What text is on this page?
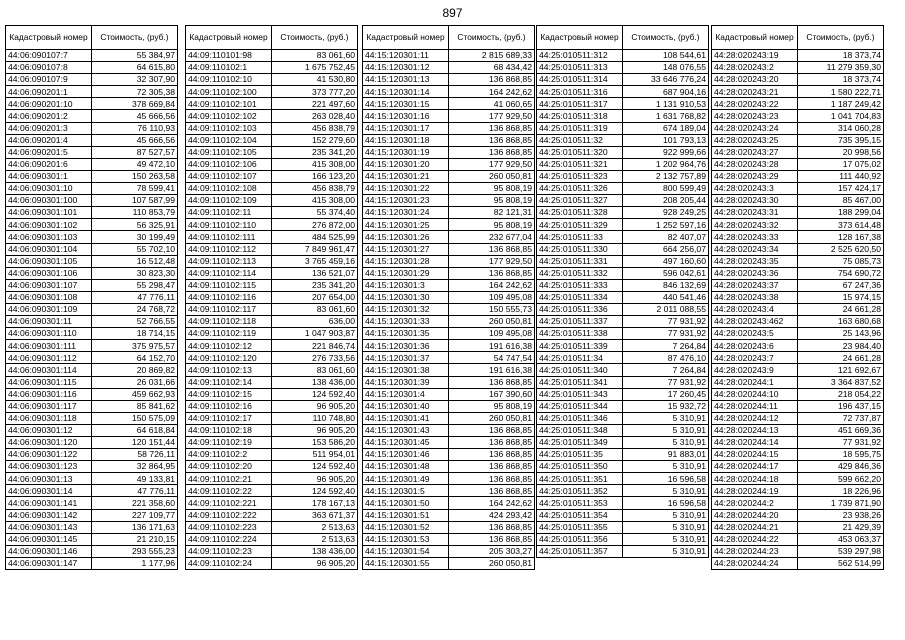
897
Кадастровый номер	Стоимость, (руб.)
44:06:090107:7	55 384,97
44:06:090107:8	64 615,80
44:06:090107:9	32 307,90
44:06:090201:1	72 305,38
44:06:090201:10	378 669,84
44:06:090201:2	45 666,56
44:06:090201:3	76 110,93
44:06:090201:4	45 666,56
44:06:090201:5	87 527,57
44:06:090201:6	49 472,10
44:06:090301:1	150 263,58
44:06:090301:10	78 599,41
44:06:090301:100	107 587,99
44:06:090301:101	110 853,79
44:06:090301:102	56 325,91
44:06:090301:103	30 199,49
44:06:090301:104	55 702,10
44:06:090301:105	16 512,48
44:06:090301:106	30 823,30
44:06:090301:107	55 298,47
44:06:090301:108	47 776,11
44:06:090301:109	24 768,72
44:06:090301:11	52 766,55
44:06:090301:110	18 714,15
44:06:090301:111	375 975,57
44:06:090301:112	64 152,70
44:06:090301:114	20 869,82
44:06:090301:115	26 031,66
44:06:090301:116	459 662,93
44:06:090301:117	85 841,62
44:06:090301:118	150 575,09
44:06:090301:12	64 618,84
44:06:090301:120	120 151,44
44:06:090301:122	58 726,11
44:06:090301:123	32 864,95
44:06:090301:13	49 133,81
44:06:090301:14	47 776,11
44:06:090301:141	221 358,60
44:06:090301:142	227 109,77
44:06:090301:143	136 171,63
44:06:090301:145	21 210,15
44:06:090301:146	293 555,23
44:06:090301:147	1 177,96
Кадастровый номер	Стоимость, (руб.)
44:09:110101:98	83 061,60
44:09:110102:1	1 675 752,45
44:09:110102:10	41 530,80
44:09:110102:100	373 777,20
44:09:110102:101	221 497,60
44:09:110102:102	263 028,40
44:09:110102:103	456 838,79
44:09:110102:104	152 279,60
44:09:110102:105	235 341,20
44:09:110102:106	415 308,00
44:09:110102:107	166 123,20
44:09:110102:108	456 838,79
44:09:110102:109	415 308,00
44:09:110102:11	55 374,40
44:09:110102:110	276 872,00
44:09:110102:111	484 525,99
44:09:110102:112	7 849 961,47
44:09:110102:113	3 765 459,16
44:09:110102:114	136 521,07
44:09:110102:115	235 341,20
44:09:110102:116	207 654,00
44:09:110102:117	83 061,60
44:09:110102:118	636,00
44:09:110102:119	1 047 903,87
44:09:110102:12	221 846,74
44:09:110102:120	276 733,56
44:09:110102:13	83 061,60
44:09:110102:14	138 436,00
44:09:110102:15	124 592,40
44:09:110102:16	96 905,20
44:09:110102:17	110 748,80
44:09:110102:18	96 905,20
44:09:110102:19	153 586,20
44:09:110102:2	511 954,01
44:09:110102:20	124 592,40
44:09:110102:21	96 905,20
44:09:110102:22	124 592,40
44:09:110102:221	178 167,13
44:09:110102:222	363 671,37
44:09:110102:223	2 513,63
44:09:110102:224	2 513,63
44:09:110102:23	138 436,00
44:09:110102:24	96 905,20
Кадастровый номер	Стоимость, (руб.)
44:15:120301:11	2 815 689,33
44:15:120301:12	68 434,42
44:15:120301:13	136 868,85
44:15:120301:14	164 242,62
44:15:120301:15	41 060,65
44:15:120301:16	177 929,50
44:15:120301:17	136 868,85
44:15:120301:18	136 868,85
44:15:120301:19	136 868,85
44:15:120301:20	177 929,50
44:15:120301:21	260 050,81
44:15:120301:22	95 808,19
44:15:120301:23	95 808,19
44:15:120301:24	82 121,31
44:15:120301:25	95 808,19
44:15:120301:26	232 677,04
44:15:120301:27	136 868,85
44:15:120301:28	177 929,50
44:15:120301:29	136 868,85
44:15:120301:3	164 242,62
44:15:120301:30	109 495,08
44:15:120301:32	150 555,73
44:15:120301:33	260 050,81
44:15:120301:35	109 495,08
44:15:120301:36	191 616,38
44:15:120301:37	54 747,54
44:15:120301:38	191 616,38
44:15:120301:39	136 868,85
44:15:120301:4	167 390,60
44:15:120301:40	95 808,19
44:15:120301:41	260 050,81
44:15:120301:43	136 868,85
44:15:120301:45	136 868,85
44:15:120301:46	136 868,85
44:15:120301:48	136 868,85
44:15:120301:49	136 868,85
44:15:120301:5	136 868,85
44:15:120301:50	164 242,62
44:15:120301:51	424 293,42
44:15:120301:52	136 868,85
44:15:120301:53	136 868,85
44:15:120301:54	205 303,27
44:15:120301:55	260 050,81
Кадастровый номер	Стоимость, (руб.)
44:25:010511:312	108 544,61
44:25:010511:313	148 076,55
44:25:010511:314	33 646 776,24
44:25:010511:316	687 904,16
44:25:010511:317	1 131 910,53
44:25:010511:318	1 631 768,82
44:25:010511:319	674 189,04
44:25:010511:32	101 793,13
44:25:010511:320	922 999,66
44:25:010511:321	1 202 964,76
44:25:010511:323	2 132 757,89
44:25:010511:326	800 599,49
44:25:010511:327	208 205,44
44:25:010511:328	928 249,25
44:25:010511:329	1 252 597,16
44:25:010511:33	82 407,07
44:25:010511:330	664 256,07
44:25:010511:331	497 160,60
44:25:010511:332	596 042,61
44:25:010511:333	846 132,69
44:25:010511:334	440 541,46
44:25:010511:336	2 011 088,55
44:25:010511:337	77 931,92
44:25:010511:338	77 931,92
44:25:010511:339	7 264,84
44:25:010511:34	87 476,10
44:25:010511:340	7 264,84
44:25:010511:341	77 931,92
44:25:010511:343	17 260,45
44:25:010511:344	15 932,72
44:25:010511:346	5 310,91
44:25:010511:348	5 310,91
44:25:010511:349	5 310,91
44:25:010511:35	91 883,01
44:25:010511:350	5 310,91
44:25:010511:351	16 596,58
44:25:010511:352	5 310,91
44:25:010511:353	16 596,58
44:25:010511:354	5 310,91
44:25:010511:355	5 310,91
44:25:010511:356	5 310,91
44:25:010511:357	5 310,91
Кадастровый номер	Стоимость, (руб.)
44:28:020243:19	18 373,74
44:28:020243:2	11 279 359,30
44:28:020243:20	18 373,74
44:28:020243:21	1 580 222,71
44:28:020243:22	1 187 249,42
44:28:020243:23	1 041 704,83
44:28:020243:24	314 060,28
44:28:020243:25	735 395,15
44:28:020243:27	20 998,56
44:28:020243:28	17 075,02
44:28:020243:29	111 440,92
44:28:020243:3	157 424,17
44:28:020243:30	85 467,00
44:28:020243:31	188 299,04
44:28:020243:32	373 614,48
44:28:020243:33	128 167,38
44:28:020243:34	2 525 620,50
44:28:020243:35	75 085,73
44:28:020243:36	754 690,72
44:28:020243:37	67 247,36
44:28:020243:38	15 974,15
44:28:020243:4	24 661,28
44:28:020243:462	163 680,68
44:28:020243:5	25 143,96
44:28:020243:6	23 984,40
44:28:020243:7	24 661,28
44:28:020243:9	121 692,67
44:28:020244:1	3 364 837,52
44:28:020244:10	218 054,22
44:28:020244:11	196 437,15
44:28:020244:12	72 737,87
44:28:020244:13	451 669,36
44:28:020244:14	77 931,92
44:28:020244:15	18 595,75
44:28:020244:17	429 846,36
44:28:020244:18	599 662,20
44:28:020244:19	18 226,96
44:28:020244:2	1 739 871,90
44:28:020244:20	23 938,26
44:28:020244:21	21 429,39
44:28:020244:22	453 063,37
44:28:020244:23	539 297,98
44:28:020244:24	562 514,99
